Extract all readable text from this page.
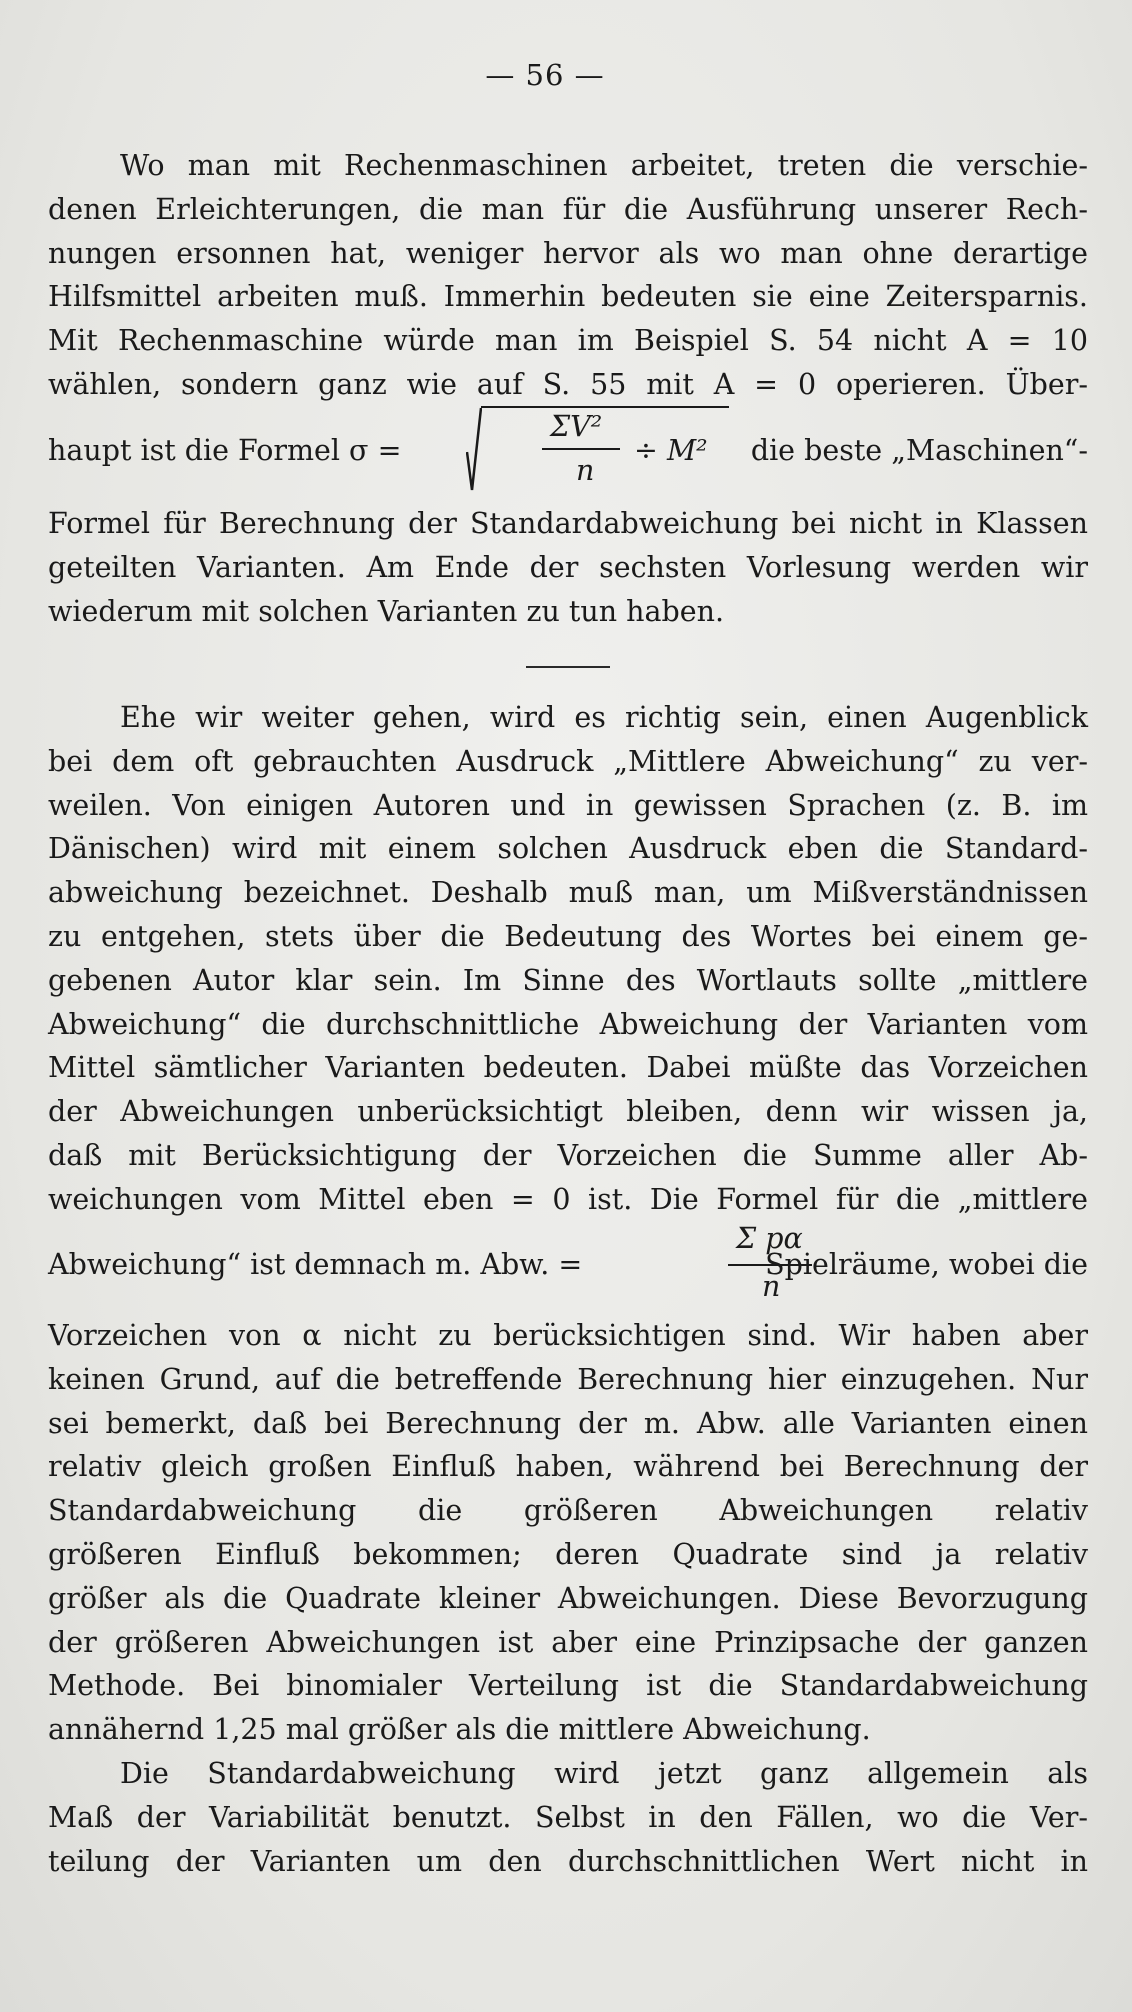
— 56 —
Wo man mit Rechenmaschinen arbeitet, treten die verschie-
denen Erleichterungen, die man für die Ausführung unserer Rech-
nungen ersonnen hat, weniger hervor als wo man ohne derartige
Hilfsmittel arbeiten muß. Immerhin bedeuten sie eine Zeitersparnis.
Mit Rechenmaschine würde man im Beispiel S. 54 nicht A = 10
wählen, sondern ganz wie auf S. 55 mit A = 0 operieren. Über-
haupt ist die Formel σ =
ΣV²
n
÷ M² die beste „Maschinen“-
Formel für Berechnung der Standardabweichung bei nicht in Klassen
geteilten Varianten. Am Ende der sechsten Vorlesung werden wir
wiederum mit solchen Varianten zu tun haben.
Ehe wir weiter gehen, wird es richtig sein, einen Augenblick
bei dem oft gebrauchten Ausdruck „Mittlere Abweichung“ zu ver-
weilen. Von einigen Autoren und in gewissen Sprachen (z. B. im
Dänischen) wird mit einem solchen Ausdruck eben die Standard-
abweichung bezeichnet. Deshalb muß man, um Mißverständnissen
zu entgehen, stets über die Bedeutung des Wortes bei einem ge-
gebenen Autor klar sein. Im Sinne des Wortlauts sollte „mittlere
Abweichung“ die durchschnittliche Abweichung der Varianten vom
Mittel sämtlicher Varianten bedeuten. Dabei müßte das Vorzeichen
der Abweichungen unberücksichtigt bleiben, denn wir wissen ja,
daß mit Berücksichtigung der Vorzeichen die Summe aller Ab-
weichungen vom Mittel eben = 0 ist. Die Formel für die „mittlere
Abweichung“ ist demnach m. Abw. =
Σ pα
n
Spielräume, wobei die
Vorzeichen von α nicht zu berücksichtigen sind. Wir haben aber
keinen Grund, auf die betreffende Berechnung hier einzugehen. Nur
sei bemerkt, daß bei Berechnung der m. Abw. alle Varianten einen
relativ gleich großen Einfluß haben, während bei Berechnung der
Standardabweichung die größeren Abweichungen relativ
größeren Einfluß bekommen; deren Quadrate sind ja relativ
größer als die Quadrate kleiner Abweichungen. Diese Bevorzugung
der größeren Abweichungen ist aber eine Prinzipsache der ganzen
Methode. Bei binomialer Verteilung ist die Standardabweichung
annähernd 1,25 mal größer als die mittlere Abweichung.
Die Standardabweichung wird jetzt ganz allgemein als
Maß der Variabilität benutzt. Selbst in den Fällen, wo die Ver-
teilung der Varianten um den durchschnittlichen Wert nicht in
